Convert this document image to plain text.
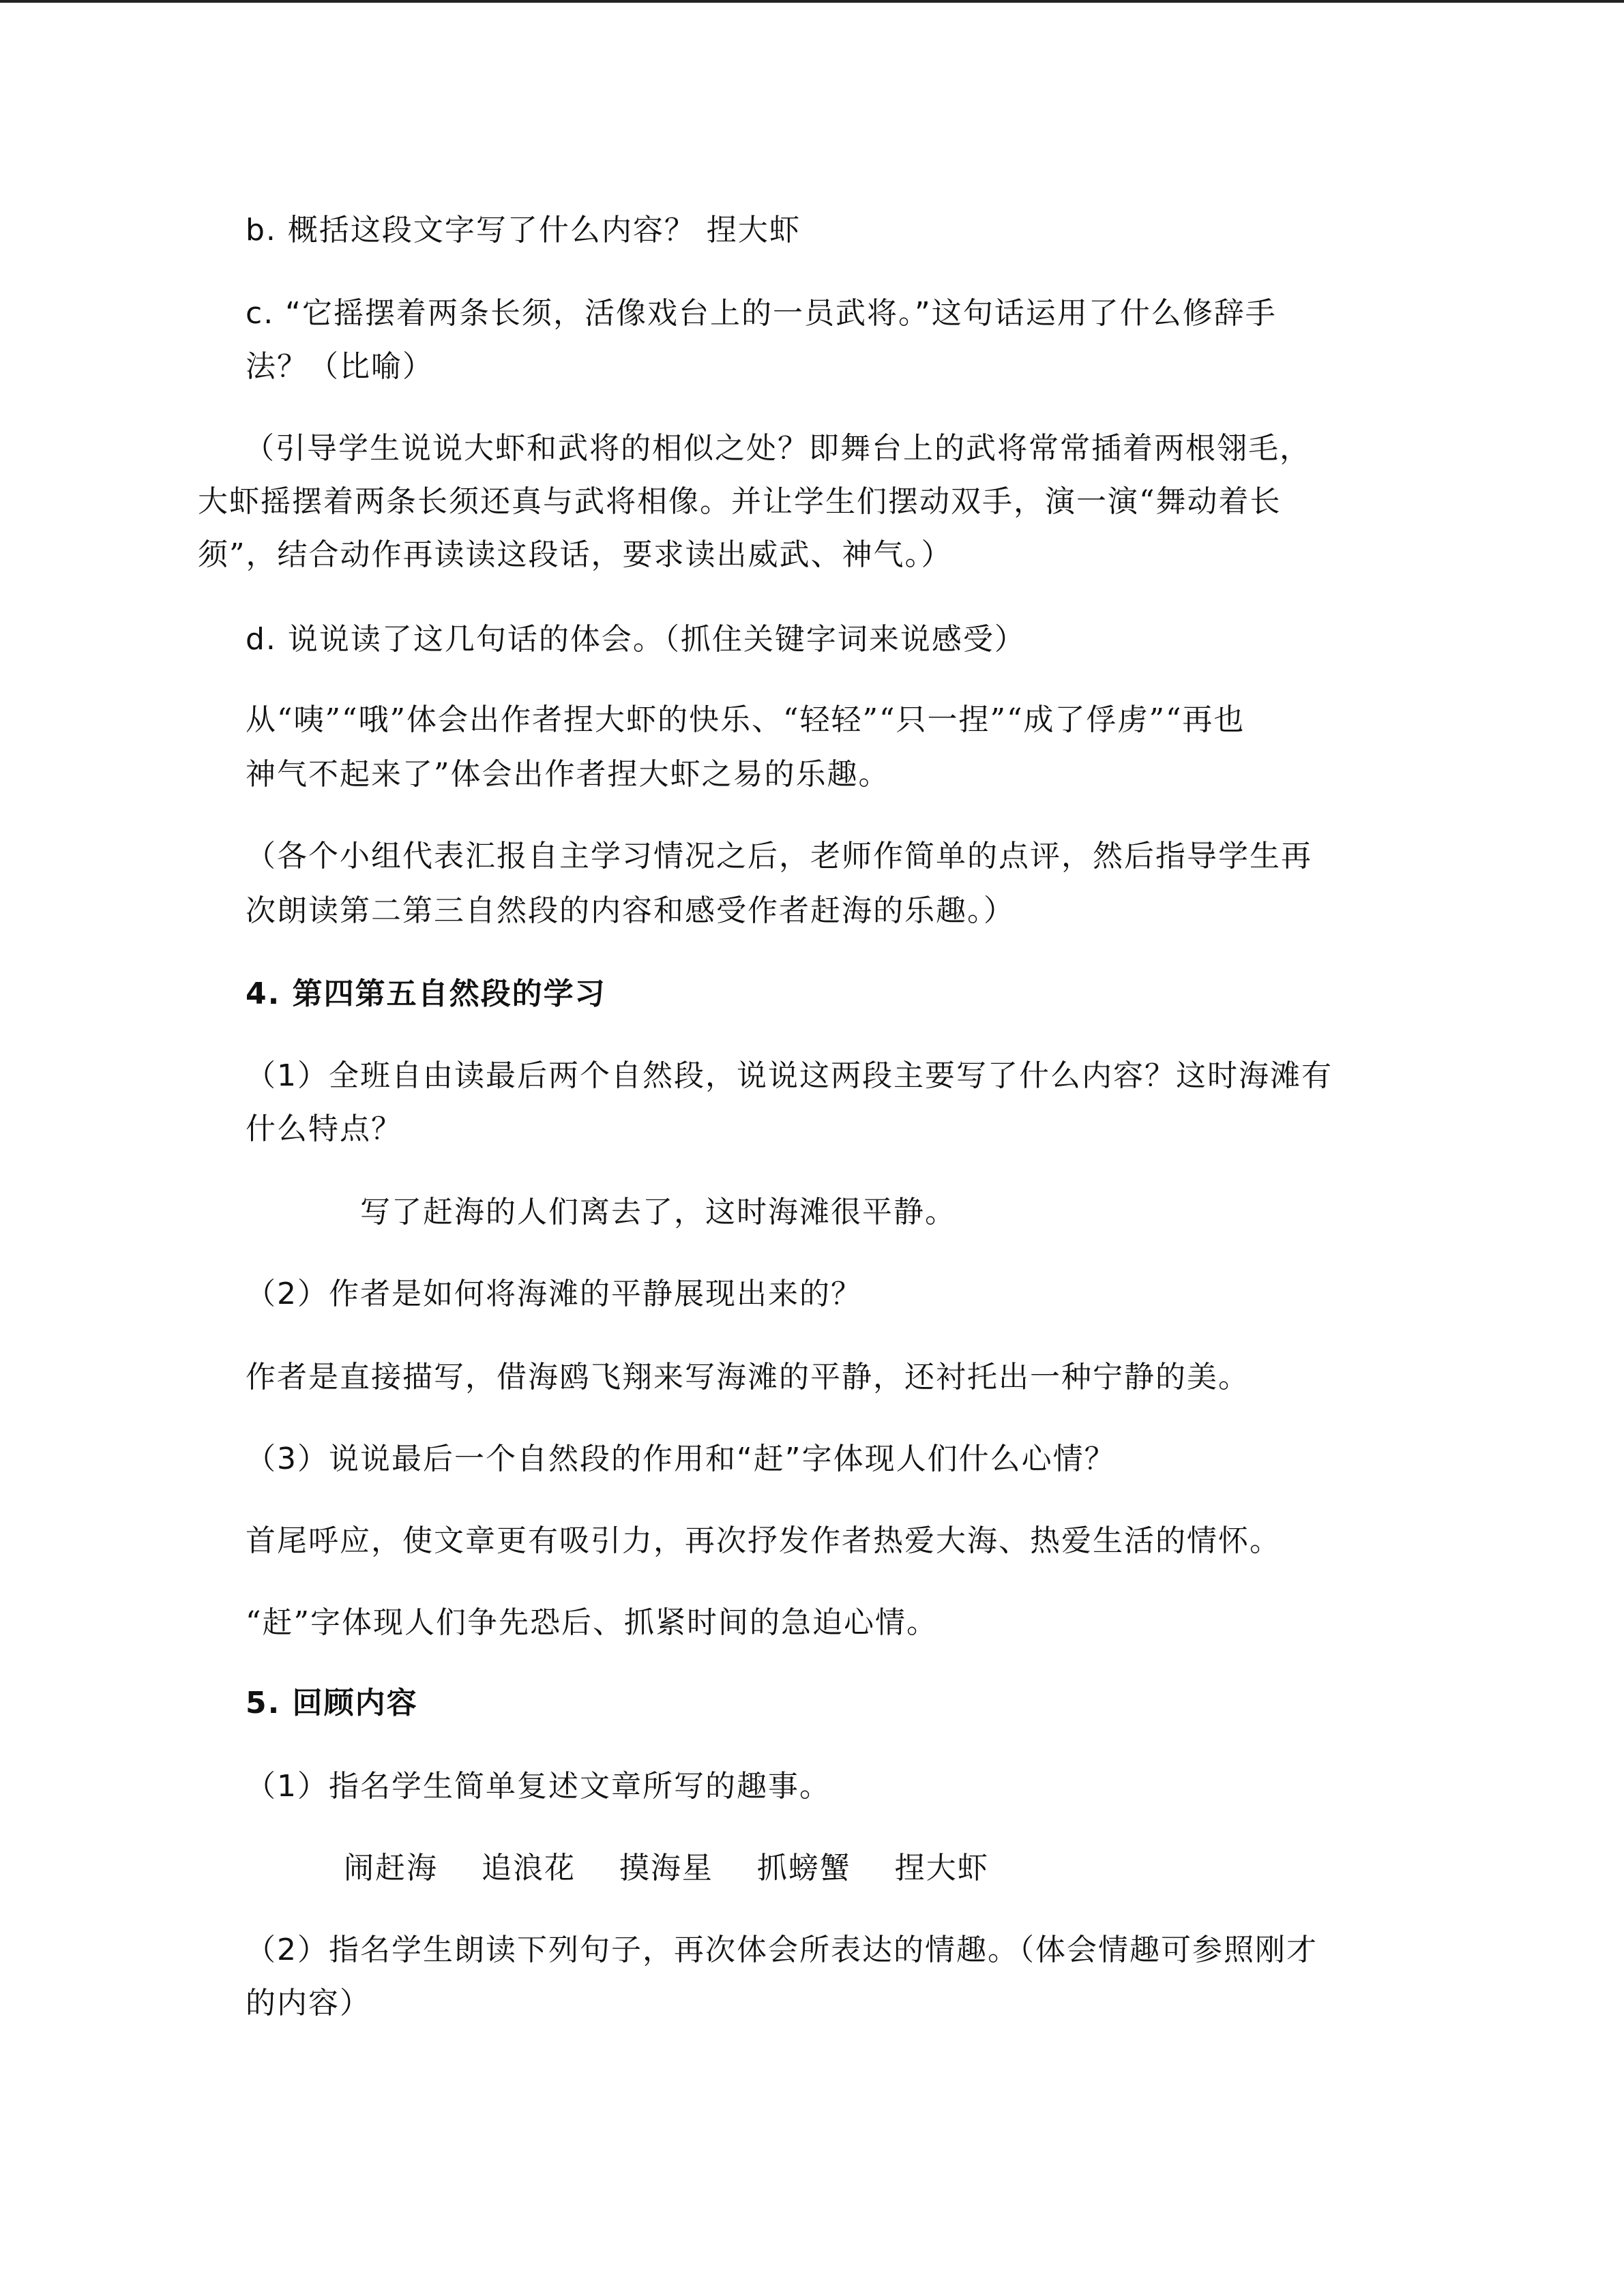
b. 概括这段文字写了什么内容？ 捏大虾
c. “它摇摆着两条长须，活像戏台上的一员武将。”这句话运用了什么修辞手
法？（比喻）
（引导学生说说大虾和武将的相似之处？即舞台上的武将常常插着两根翎毛，
大虾摇摆着两条长须还真与武将相像。并让学生们摆动双手，演一演“舞动着长
须”，结合动作再读读这段话，要求读出威武、神气。）
d. 说说读了这几句话的体会。（抓住关键字词来说感受）
从“咦”“哦”体会出作者捏大虾的快乐、“轻轻”“只一捏”“成了俘虏”“再也
神气不起来了”体会出作者捏大虾之易的乐趣。
（各个小组代表汇报自主学习情况之后，老师作简单的点评，然后指导学生再
次朗读第二第三自然段的内容和感受作者赶海的乐趣。）
4. 第四第五自然段的学习
（1）全班自由读最后两个自然段，说说这两段主要写了什么内容？这时海滩有
什么特点？
写了赶海的人们离去了，这时海滩很平静。
（2）作者是如何将海滩的平静展现出来的？
作者是直接描写，借海鸥飞翔来写海滩的平静，还衬托出一种宁静的美。
（3）说说最后一个自然段的作用和“赶”字体现人们什么心情？
首尾呼应，使文章更有吸引力，再次抒发作者热爱大海、热爱生活的情怀。
“赶”字体现人们争先恐后、抓紧时间的急迫心情。
5. 回顾内容
（1）指名学生简单复述文章所写的趣事。
闹赶海    追浪花    摸海星    抓螃蟹    捏大虾
（2）指名学生朗读下列句子，再次体会所表达的情趣。（体会情趣可参照刚才
的内容）
